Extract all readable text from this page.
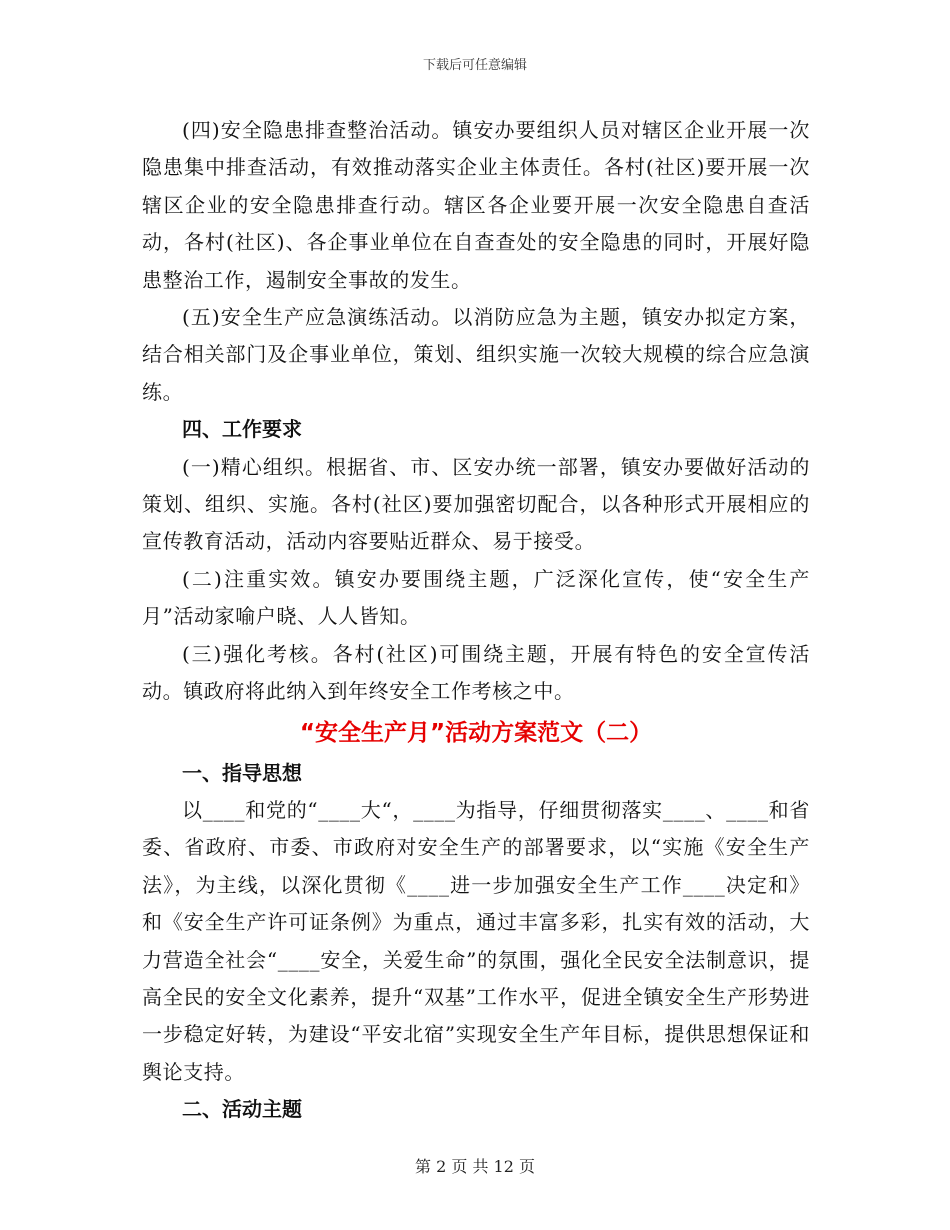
下载后可任意编辑

(四)安全隐患排查整治活动。镇安办要组织人员对辖区企业开展一次隐患集中排查活动，有效推动落实企业主体责任。各村(社区)要开展一次辖区企业的安全隐患排查行动。辖区各企业要开展一次安全隐患自查活动，各村(社区)、各企事业单位在自查查处的安全隐患的同时，开展好隐患整治工作，遏制安全事故的发生。

(五)安全生产应急演练活动。以消防应急为主题，镇安办拟定方案，结合相关部门及企事业单位，策划、组织实施一次较大规模的综合应急演练。

四、工作要求

(一)精心组织。根据省、市、区安办统一部署，镇安办要做好活动的策划、组织、实施。各村(社区)要加强密切配合，以各种形式开展相应的宣传教育活动，活动内容要贴近群众、易于接受。

(二)注重实效。镇安办要围绕主题，广泛深化宣传，使“安全生产月”活动家喻户晓、人人皆知。

(三)强化考核。各村(社区)可围绕主题，开展有特色的安全宣传活动。镇政府将此纳入到年终安全工作考核之中。

“安全生产月”活动方案范文（二）

一、指导思想

以____和党的“____大“，____为指导，仔细贯彻落实____、____和省委、省政府、市委、市政府对安全生产的部署要求，以“实施《安全生产法》，为主线，以深化贯彻《____进一步加强安全生产工作____决定和》和《安全生产许可证条例》为重点，通过丰富多彩，扎实有效的活动，大力营造全社会“____安全，关爱生命”的氛围，强化全民安全法制意识，提高全民的安全文化素养，提升“双基”工作水平，促进全镇安全生产形势进一步稳定好转，为建设“平安北宿”实现安全生产年目标，提供思想保证和舆论支持。

二、活动主题

第 2 页 共 12 页
